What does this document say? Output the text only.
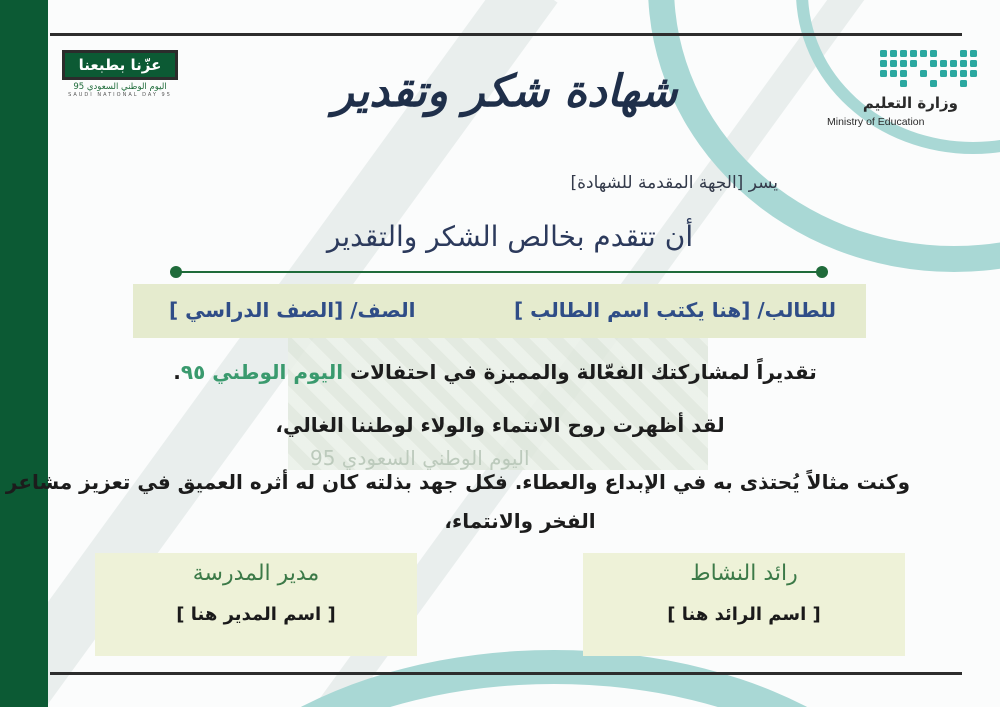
اليوم الوطني السعودي 95
عزّنا بطبعنا
اليوم الوطني السعودي 95
SAUDI NATIONAL DAY 95	وزارة التعليم
Ministry of Education
شهادة شكر وتقدير
يسر [الجهة المقدمة للشهادة]
أن تتقدم بخالص الشكر والتقدير
للطالب/ [هنا يكتب اسم الطالب ]
الصف/ [الصف الدراسي ]
تقديراً لمشاركتك الفعّالة والمميزة في احتفالات اليوم الوطني ٩٥.
لقد أظهرت روح الانتماء والولاء لوطننا الغالي،
وكنت مثالاً يُحتذى به في الإبداع والعطاء. فكل جهد بذلته كان له أثره العميق في تعزيز مشاعر
الفخر والانتماء،
مدير المدرسة
[ اسم المدير هنا ]
رائد النشاط
[ اسم الرائد هنا ]
